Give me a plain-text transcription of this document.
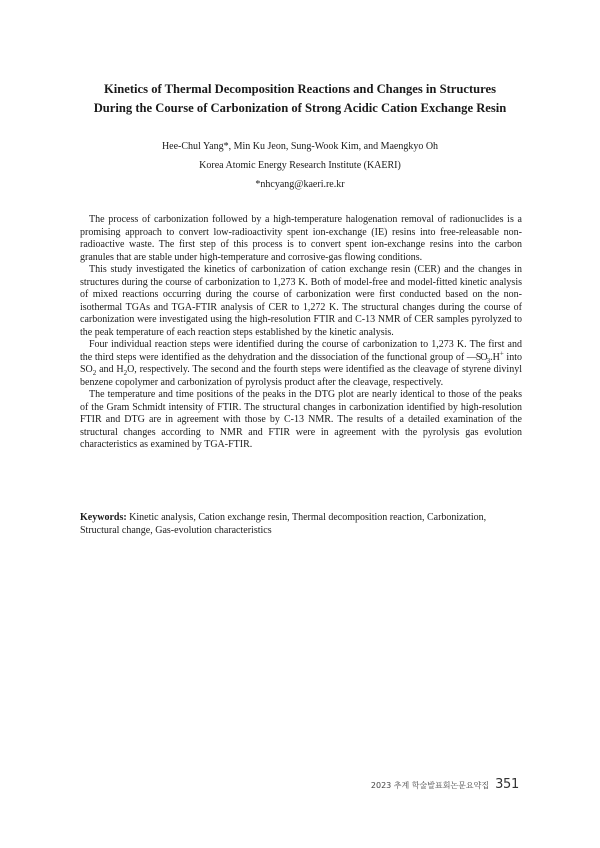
Kinetics of Thermal Decomposition Reactions and Changes in Structures
During the Course of Carbonization of Strong Acidic Cation Exchange Resin
Hee-Chul Yang*, Min Ku Jeon, Sung-Wook Kim, and Maengkyo Oh
Korea Atomic Energy Research Institute (KAERI)
*nhcyang@kaeri.re.kr

The process of carbonization followed by a high-temperature halogenation removal of radionuclides is a promising approach to convert low-radioactivity spent ion-exchange (IE) resins into free-releasable non-radioactive waste. The first step of this process is to convert spent ion-exchange resins into the carbon granules that are stable under high-temperature and corrosive-gas flowing conditions.

This study investigated the kinetics of carbonization of cation exchange resin (CER) and the changes in structures during the course of carbonization to 1,273 K. Both of model-free and model-fitted kinetic analysis of mixed reactions occurring during the course of carbonization were first conducted based on the non-isothermal TGAs and TGA-FTIR analysis of CER to 1,272 K. The structural changes during the course of carbonization were investigated using the high-resolution FTIR and C-13 NMR of CER samples pyrolyzed to the peak temperature of each reaction steps established by the kinetic analysis.

Four individual reaction steps were identified during the course of carbonization to 1,273 K. The first and the third steps were identified as the dehydration and the dissociation of the functional group of $—SO_3.H^+$ into $SO_2$ and $H_2O$, respectively. The second and the fourth steps were identified as the cleavage of styrene divinyl benzene copolymer and carbonization of pyrolysis product after the cleavage, respectively.

The temperature and time positions of the peaks in the DTG plot are nearly identical to those of the peaks of the Gram Schmidt intensity of FTIR. The structural changes in carbonization identified by high-resolution FTIR and DTG are in agreement with those by C-13 NMR. The results of a detailed examination of the structural changes according to NMR and FTIR were in agreement with the pyrolysis gas evolution characteristics as examined by TGA-FTIR.

Keywords: Kinetic analysis, Cation exchange resin, Thermal decomposition reaction, Carbonization, Structural change, Gas-evolution characteristics
2023 추계 학술발표회논문요약집 351
